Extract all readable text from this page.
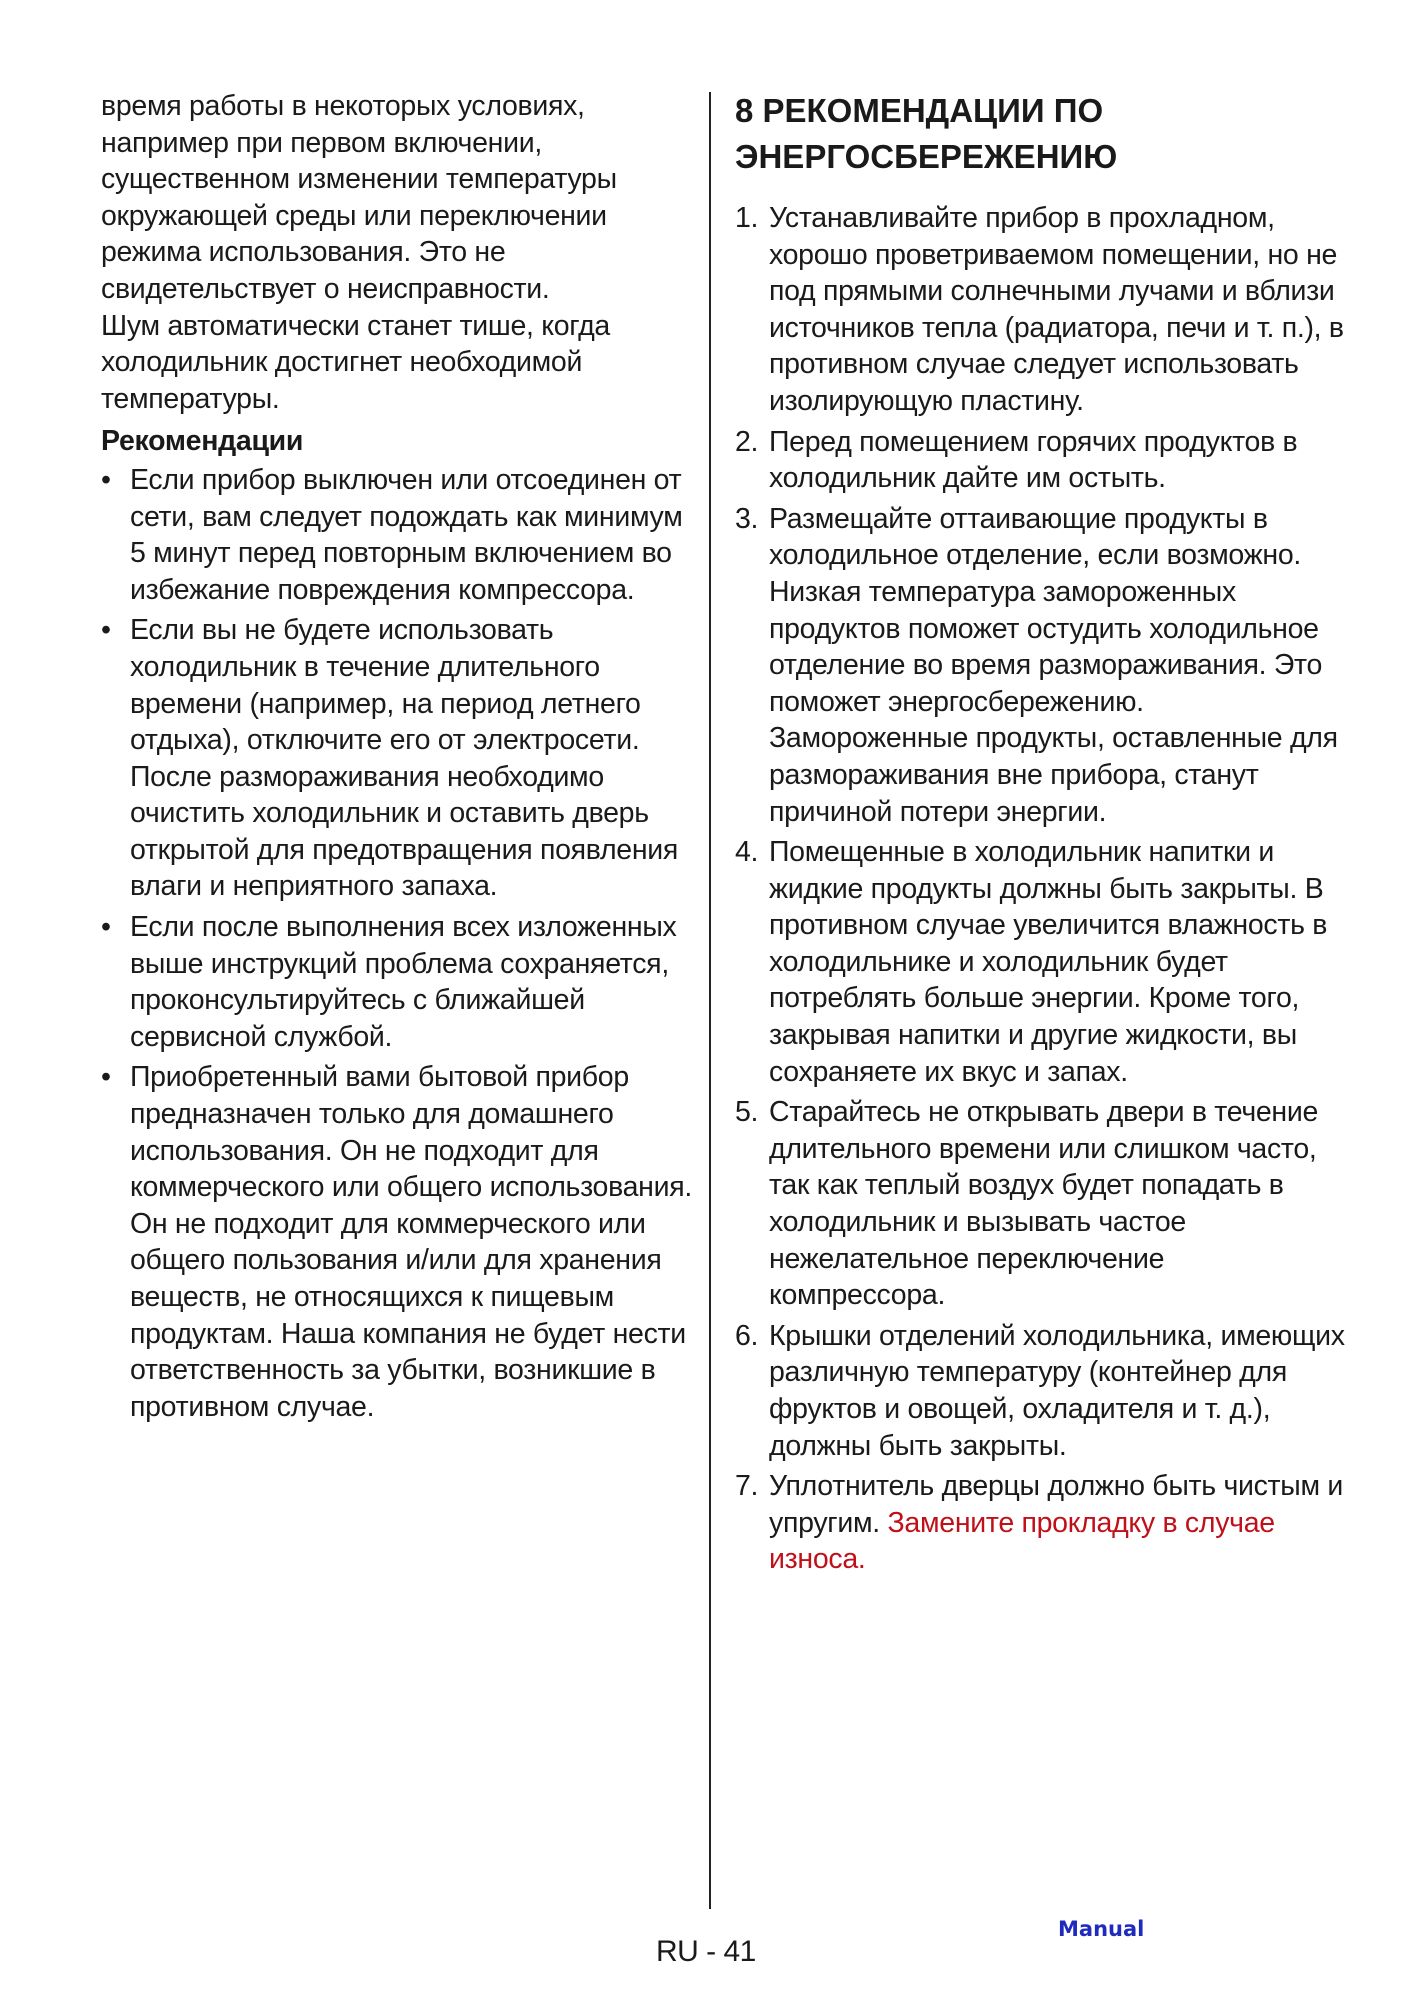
время работы в некоторых условиях, например при первом включении, существенном изменении температуры окружающей среды или переключении режима использования. Это не свидетельствует о неисправности.

Шум автоматически станет тише, когда холодильник достигнет необходимой температуры.

Рекомендации

• Если прибор выключен или отсоединен от сети, вам следует подождать как минимум 5 минут перед повторным включением во избежание повреждения компрессора.
• Если вы не будете использовать холодильник в течение длительного времени (например, на период летнего отдыха), отключите его от электросети. После размораживания необходимо очистить холодильник и оставить дверь открытой для предотвращения появления влаги и неприятного запаха.
• Если после выполнения всех изложенных выше инструкций проблема сохраняется, проконсультируйтесь с ближайшей сервисной службой.
• Приобретенный вами бытовой прибор предназначен только для домашнего использования. Он не подходит для коммерческого или общего использования. Он не подходит для коммерческого или общего пользования и/или для хранения веществ, не относящихся к пищевым продуктам. Наша компания не будет нести ответственность за убытки, возникшие в противном случае.
8 РЕКОМЕНДАЦИИ ПО ЭНЕРГОСБЕРЕЖЕНИЮ
1. Устанавливайте прибор в прохладном, хорошо проветриваемом помещении, но не под прямыми солнечными лучами и вблизи источников тепла (радиатора, печи и т. п.), в противном случае следует использовать изолирующую пластину.
2. Перед помещением горячих продуктов в холодильник дайте им остыть.
3. Размещайте оттаивающие продукты в холодильное отделение, если возможно. Низкая температура замороженных продуктов поможет остудить холодильное отделение во время размораживания. Это поможет энергосбережению. Замороженные продукты, оставленные для размораживания вне прибора, станут причиной потери энергии.
4. Помещенные в холодильник напитки и жидкие продукты должны быть закрыты. В противном случае увеличится влажность в холодильнике и холодильник будет потреблять больше энергии. Кроме того, закрывая напитки и другие жидкости, вы сохраняете их вкус и запах.
5. Старайтесь не открывать двери в течение длительного времени или слишком часто, так как теплый воздух будет попадать в холодильник и вызывать частое нежелательное переключение компрессора.
6. Крышки отделений холодильника, имеющих различную температуру (контейнер для фруктов и овощей, охладителя и т. д.), должны быть закрыты.
7. Уплотнитель дверцы должно быть чистым и упругим. Замените прокладку в случае износа.
RU - 41
Manual
